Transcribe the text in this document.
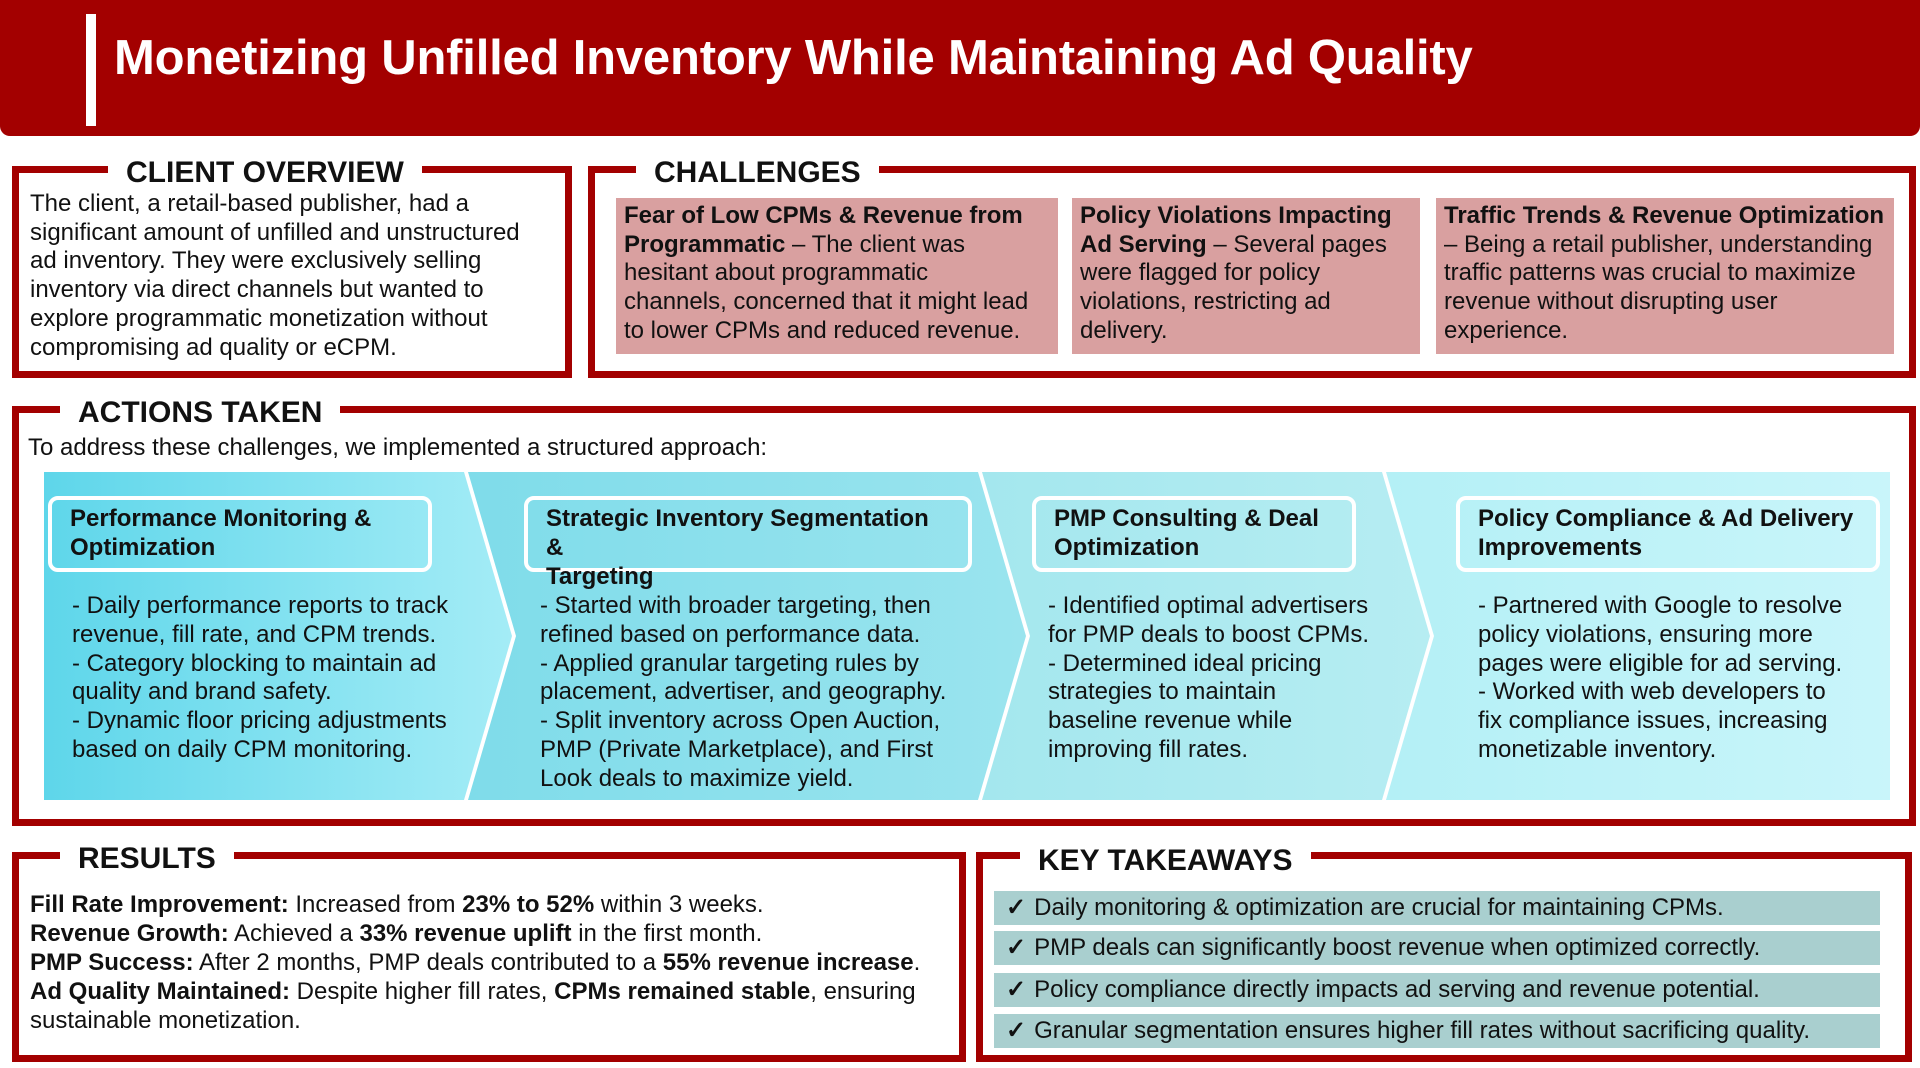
Monetizing Unfilled Inventory While Maintaining Ad Quality
CLIENT OVERVIEW
The client, a retail-based publisher, had a
significant amount of unfilled and unstructured
ad inventory. They were exclusively selling
inventory via direct channels but wanted to
explore programmatic monetization without
compromising ad quality or eCPM.
CHALLENGES
Fear of Low CPMs & Revenue from
Programmatic – The client was
hesitant about programmatic
channels, concerned that it might lead
to lower CPMs and reduced revenue.
Policy Violations Impacting
Ad Serving – Several pages
were flagged for policy
violations, restricting ad
delivery.
Traffic Trends & Revenue Optimization
– Being a retail publisher, understanding
traffic patterns was crucial to maximize
revenue without disrupting user
experience.
ACTIONS TAKEN
To address these challenges, we implemented a structured approach:
Performance Monitoring &
Optimization
- Daily performance reports to track
revenue, fill rate, and CPM trends.
- Category blocking to maintain ad
quality and brand safety.
- Dynamic floor pricing adjustments
based on daily CPM monitoring.
Strategic Inventory Segmentation &
Targeting
- Started with broader targeting, then
refined based on performance data.
- Applied granular targeting rules by
placement, advertiser, and geography.
- Split inventory across Open Auction,
PMP (Private Marketplace), and First
Look deals to maximize yield.
PMP Consulting & Deal
Optimization
- Identified optimal advertisers
for PMP deals to boost CPMs.
- Determined ideal pricing
strategies to maintain
baseline revenue while
improving fill rates.
Policy Compliance & Ad Delivery
Improvements
- Partnered with Google to resolve
policy violations, ensuring more
pages were eligible for ad serving.
- Worked with web developers to
fix compliance issues, increasing
monetizable inventory.
RESULTS
Fill Rate Improvement: Increased from 23% to 52% within 3 weeks.
Revenue Growth: Achieved a 33% revenue uplift in the first month.
PMP Success: After 2 months, PMP deals contributed to a 55% revenue increase.
Ad Quality Maintained: Despite higher fill rates, CPMs remained stable, ensuring
sustainable monetization.
KEY TAKEAWAYS
✓ Daily monitoring & optimization are crucial for maintaining CPMs.
✓ PMP deals can significantly boost revenue when optimized correctly.
✓ Policy compliance directly impacts ad serving and revenue potential.
✓ Granular segmentation ensures higher fill rates without sacrificing quality.
